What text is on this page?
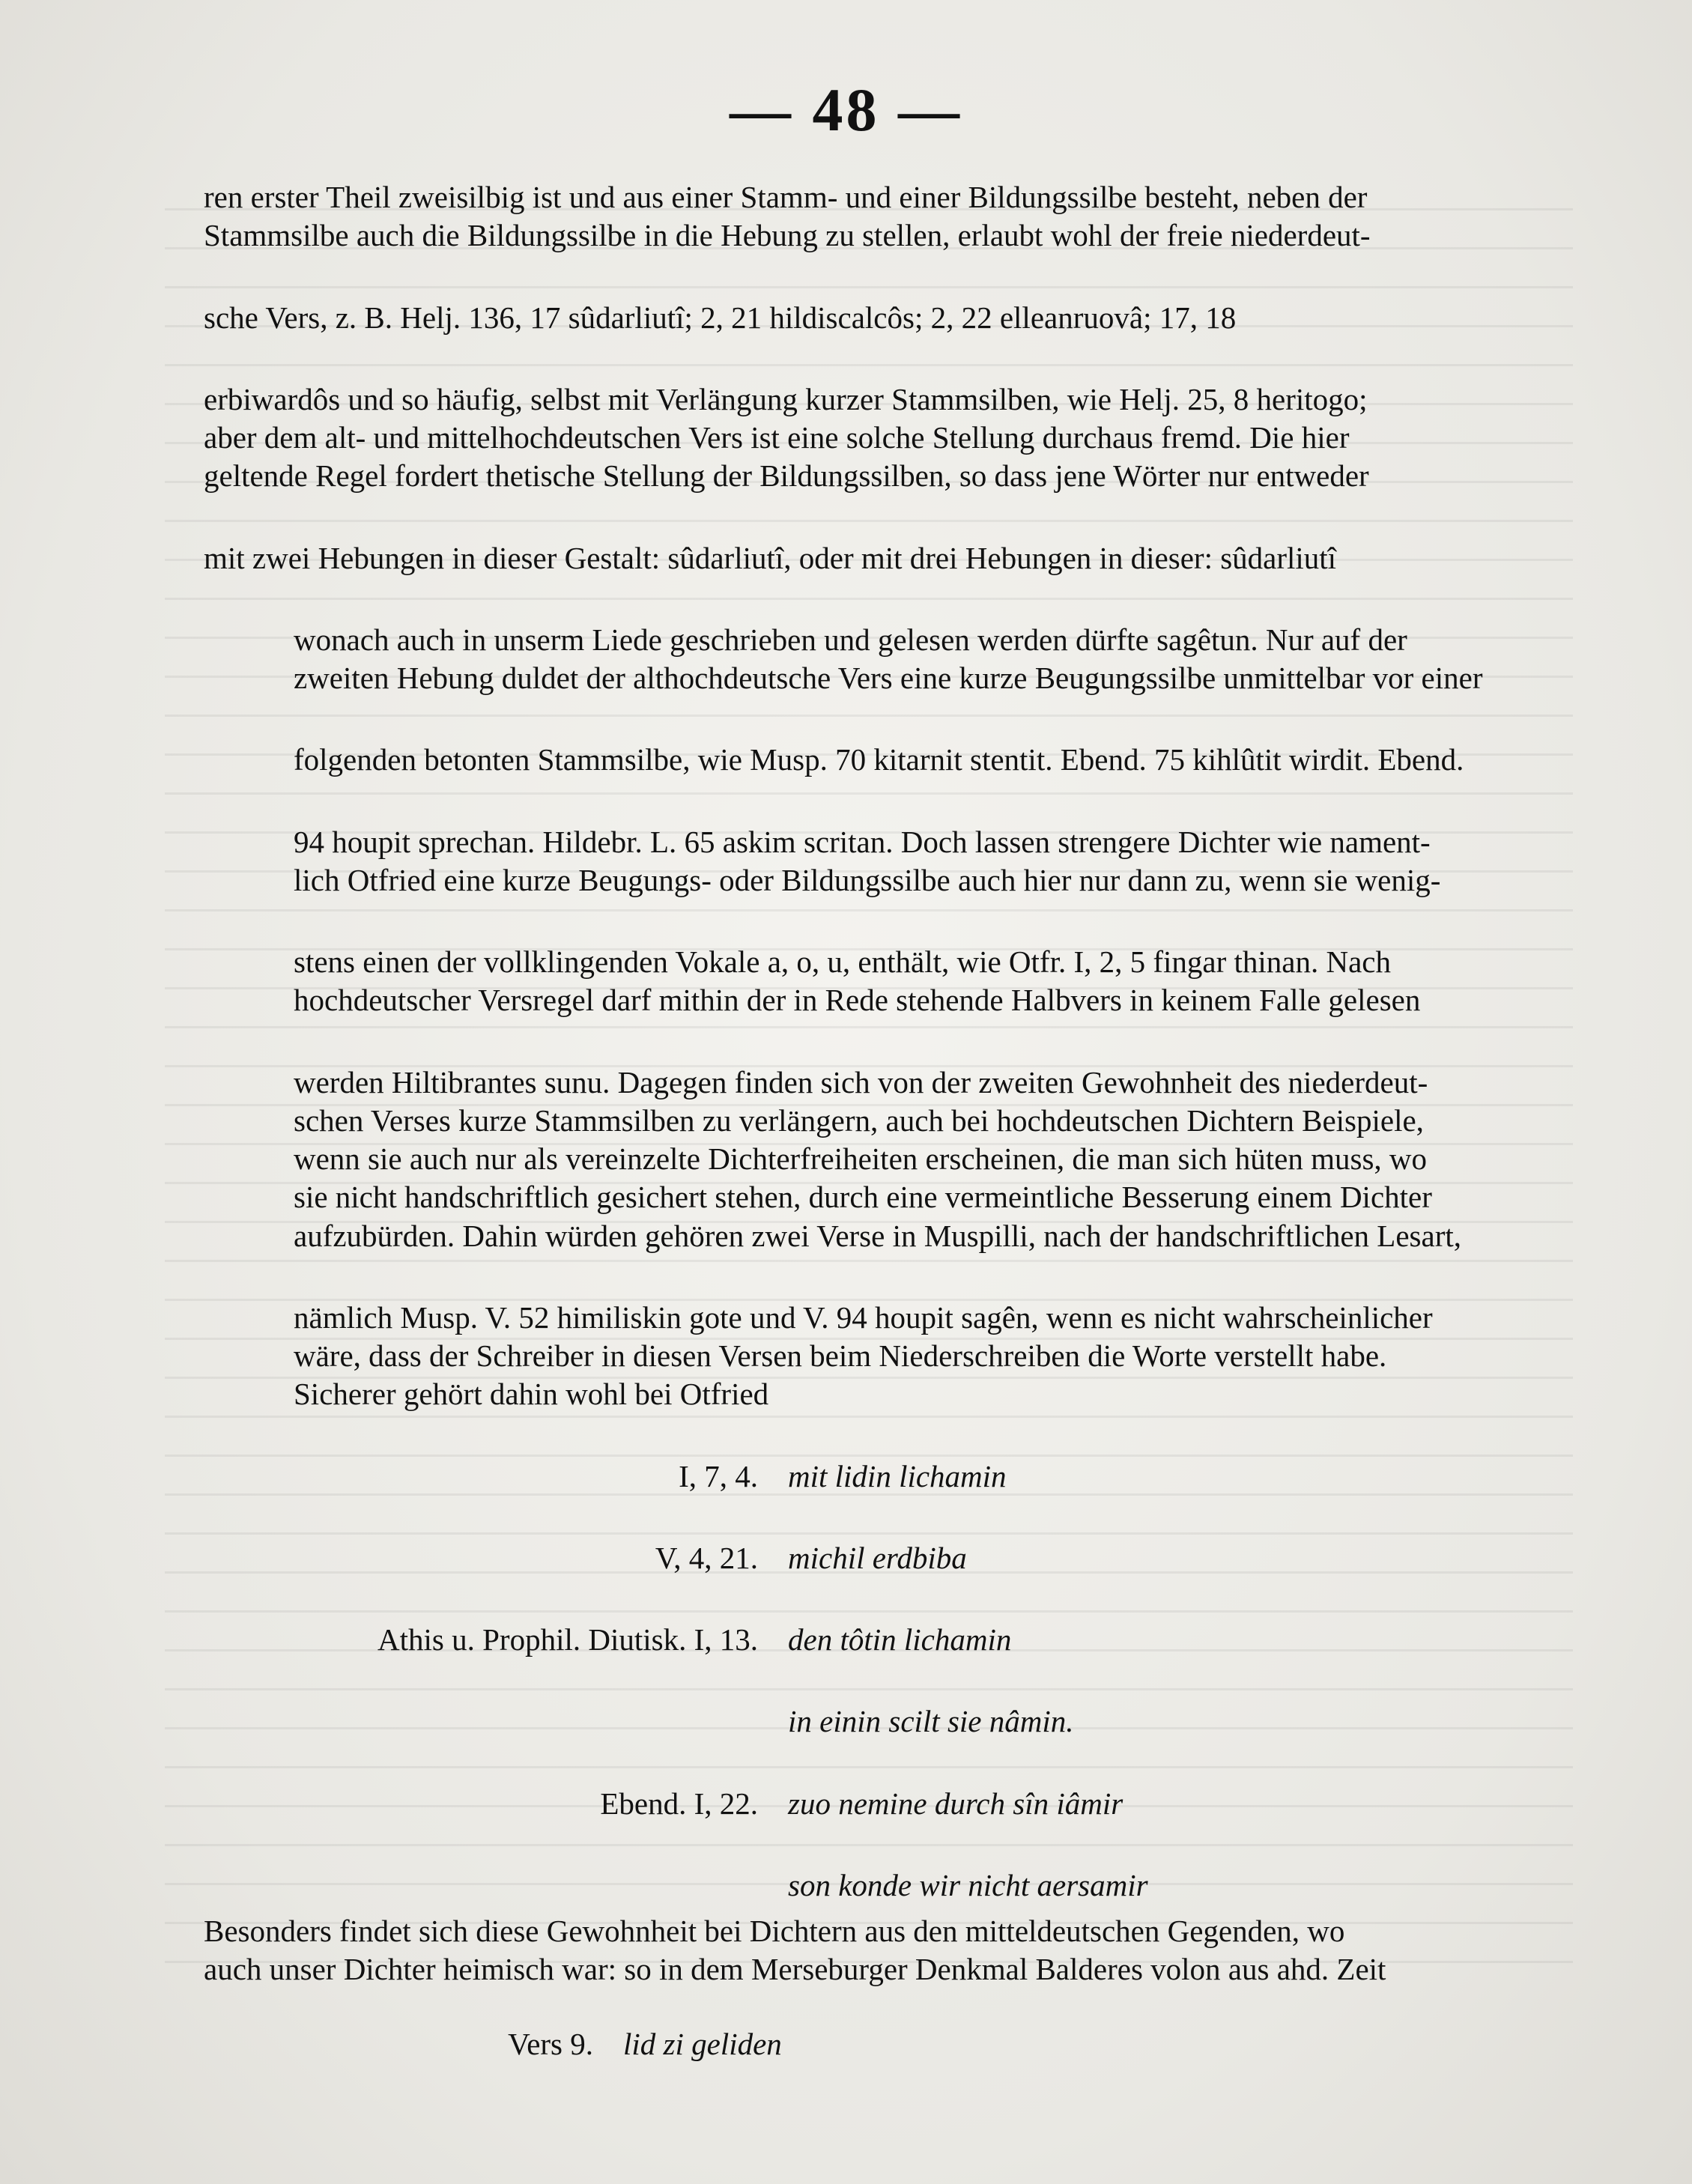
— 48 —
ren erster Theil zweisilbig ist und aus einer Stamm- und einer Bildungssilbe besteht, neben der
Stammsilbe auch die Bildungssilbe in die Hebung zu stellen, erlaubt wohl der freie niederdeut-
sche Vers, z. B. Helj. 136, 17 sûdarliutî; 2, 21 hildiscalcôs; 2, 22 elleanruovâ; 17, 18
erbiwardôs und so häufig, selbst mit Verlängung kurzer Stammsilben, wie Helj. 25, 8 heritogo;
aber dem alt- und mittelhochdeutschen Vers ist eine solche Stellung durchaus fremd. Die hier
geltende Regel fordert thetische Stellung der Bildungssilben, so dass jene Wörter nur entweder
mit zwei Hebungen in dieser Gestalt: sûdarliutî, oder mit drei Hebungen in dieser: sûdarliutî
wonach auch in unserm Liede geschrieben und gelesen werden dürfte sagêtun. Nur auf der
zweiten Hebung duldet der althochdeutsche Vers eine kurze Beugungssilbe unmittelbar vor einer
folgenden betonten Stammsilbe, wie Musp. 70 kitarnit stentit. Ebend. 75 kihlûtit wirdit. Ebend.
94 houpit sprechan. Hildebr. L. 65 askim scritan. Doch lassen strengere Dichter wie nament-
lich Otfried eine kurze Beugungs- oder Bildungssilbe auch hier nur dann zu, wenn sie wenig-
stens einen der vollklingenden Vokale a, o, u, enthält, wie Otfr. I, 2, 5 fingar thinan. Nach
hochdeutscher Versregel darf mithin der in Rede stehende Halbvers in keinem Falle gelesen
werden Hiltibrantes sunu. Dagegen finden sich von der zweiten Gewohnheit des niederdeut-
schen Verses kurze Stammsilben zu verlängern, auch bei hochdeutschen Dichtern Beispiele,
wenn sie auch nur als vereinzelte Dichterfreiheiten erscheinen, die man sich hüten muss, wo
sie nicht handschriftlich gesichert stehen, durch eine vermeintliche Besserung einem Dichter
aufzubürden. Dahin würden gehören zwei Verse in Muspilli, nach der handschriftlichen Lesart,
nämlich Musp. V. 52 himiliskin gote und V. 94 houpit sagên, wenn es nicht wahrscheinlicher
wäre, dass der Schreiber in diesen Versen beim Niederschreiben die Worte verstellt habe.
Sicherer gehört dahin wohl bei Otfried
I, 7, 4. mit lidin lichamin
V, 4, 21. michil erdbiba
Athis u. Prophil. Diutisk. I, 13. den tôtin lichamin
in einin scilt sie nâmin.
Ebend. I, 22. zuo nemine durch sîn iâmir
son konde wir nicht aersamir
Besonders findet sich diese Gewohnheit bei Dichtern aus den mitteldeutschen Gegenden, wo
auch unser Dichter heimisch war: so in dem Merseburger Denkmal Balderes volon aus ahd. Zeit
Vers 9. lid zi geliden
